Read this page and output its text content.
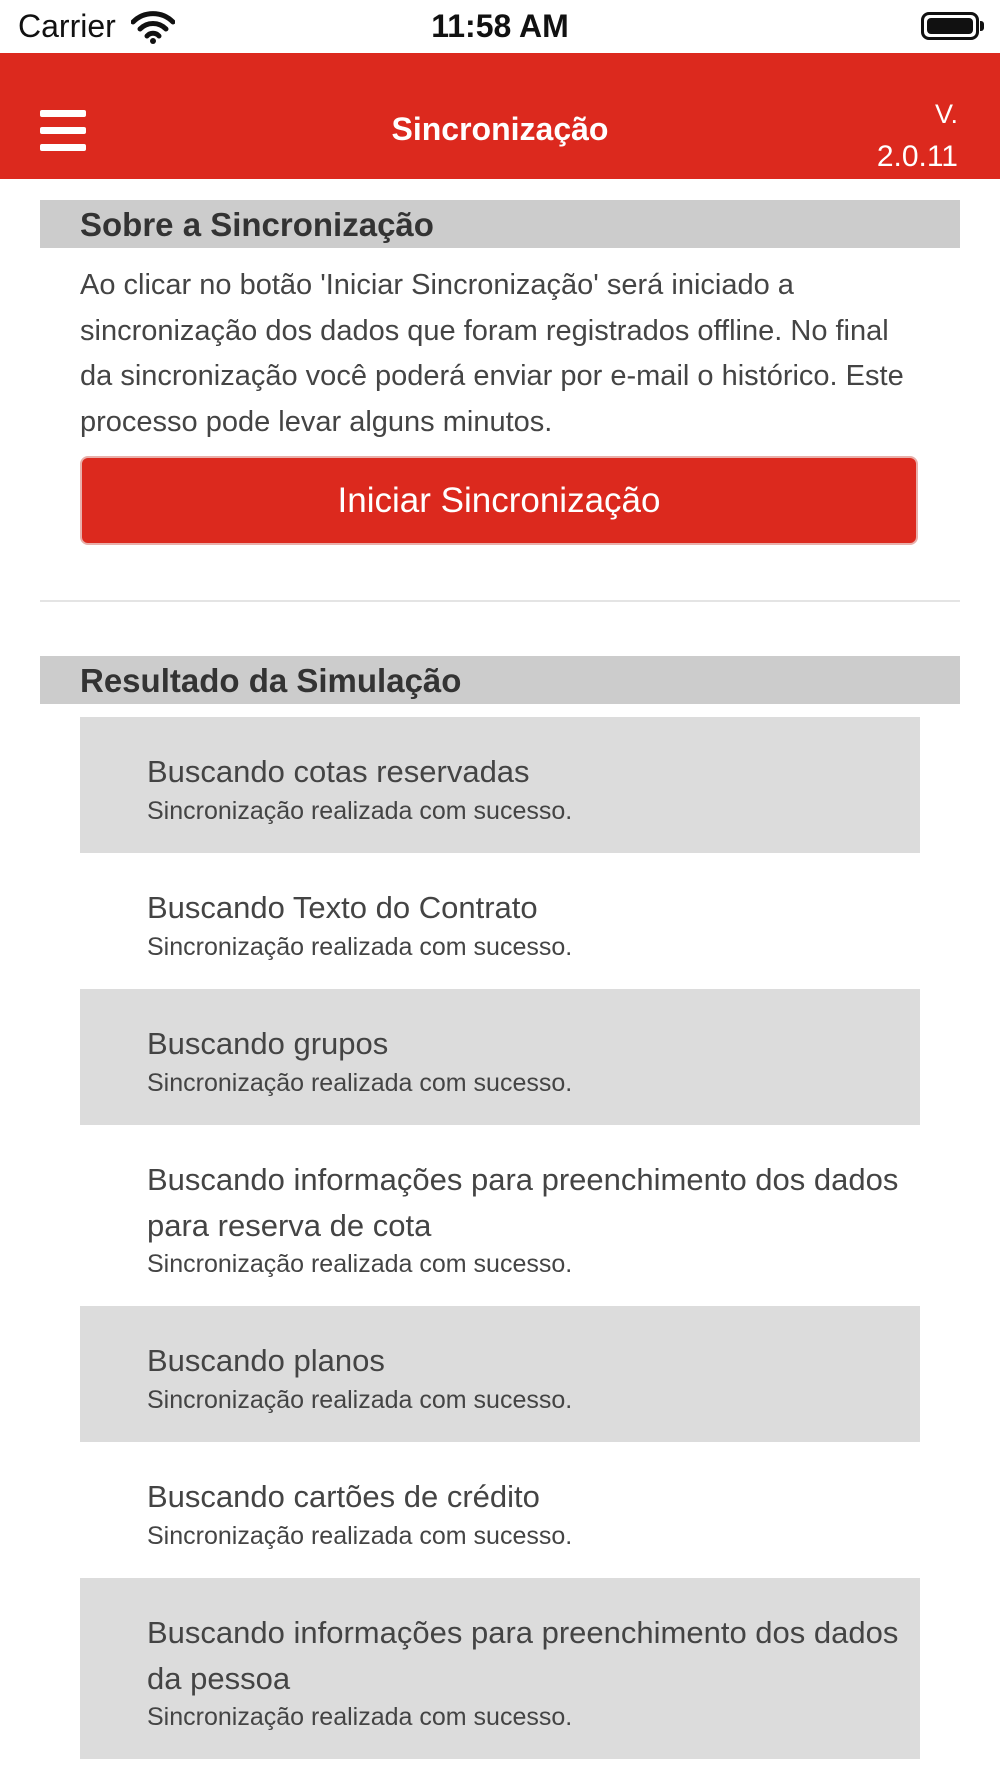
Carrier	11:58 AM
Sincronização	V.
2.0.11
Sobre a Sincronização
Ao clicar no botão 'Iniciar Sincronização' será iniciado a sincronização dos dados que foram registrados offline. No final da sincronização você poderá enviar por e-mail o histórico. Este processo pode levar alguns minutos.
Iniciar Sincronização
Resultado da Simulação
Buscando cotas reservadas
Sincronização realizada com sucesso.
Buscando Texto do Contrato
Sincronização realizada com sucesso.
Buscando grupos
Sincronização realizada com sucesso.
Buscando informações para preenchimento dos dados para reserva de cota
Sincronização realizada com sucesso.
Buscando planos
Sincronização realizada com sucesso.
Buscando cartões de crédito
Sincronização realizada com sucesso.
Buscando informações para preenchimento dos dados da pessoa
Sincronização realizada com sucesso.
